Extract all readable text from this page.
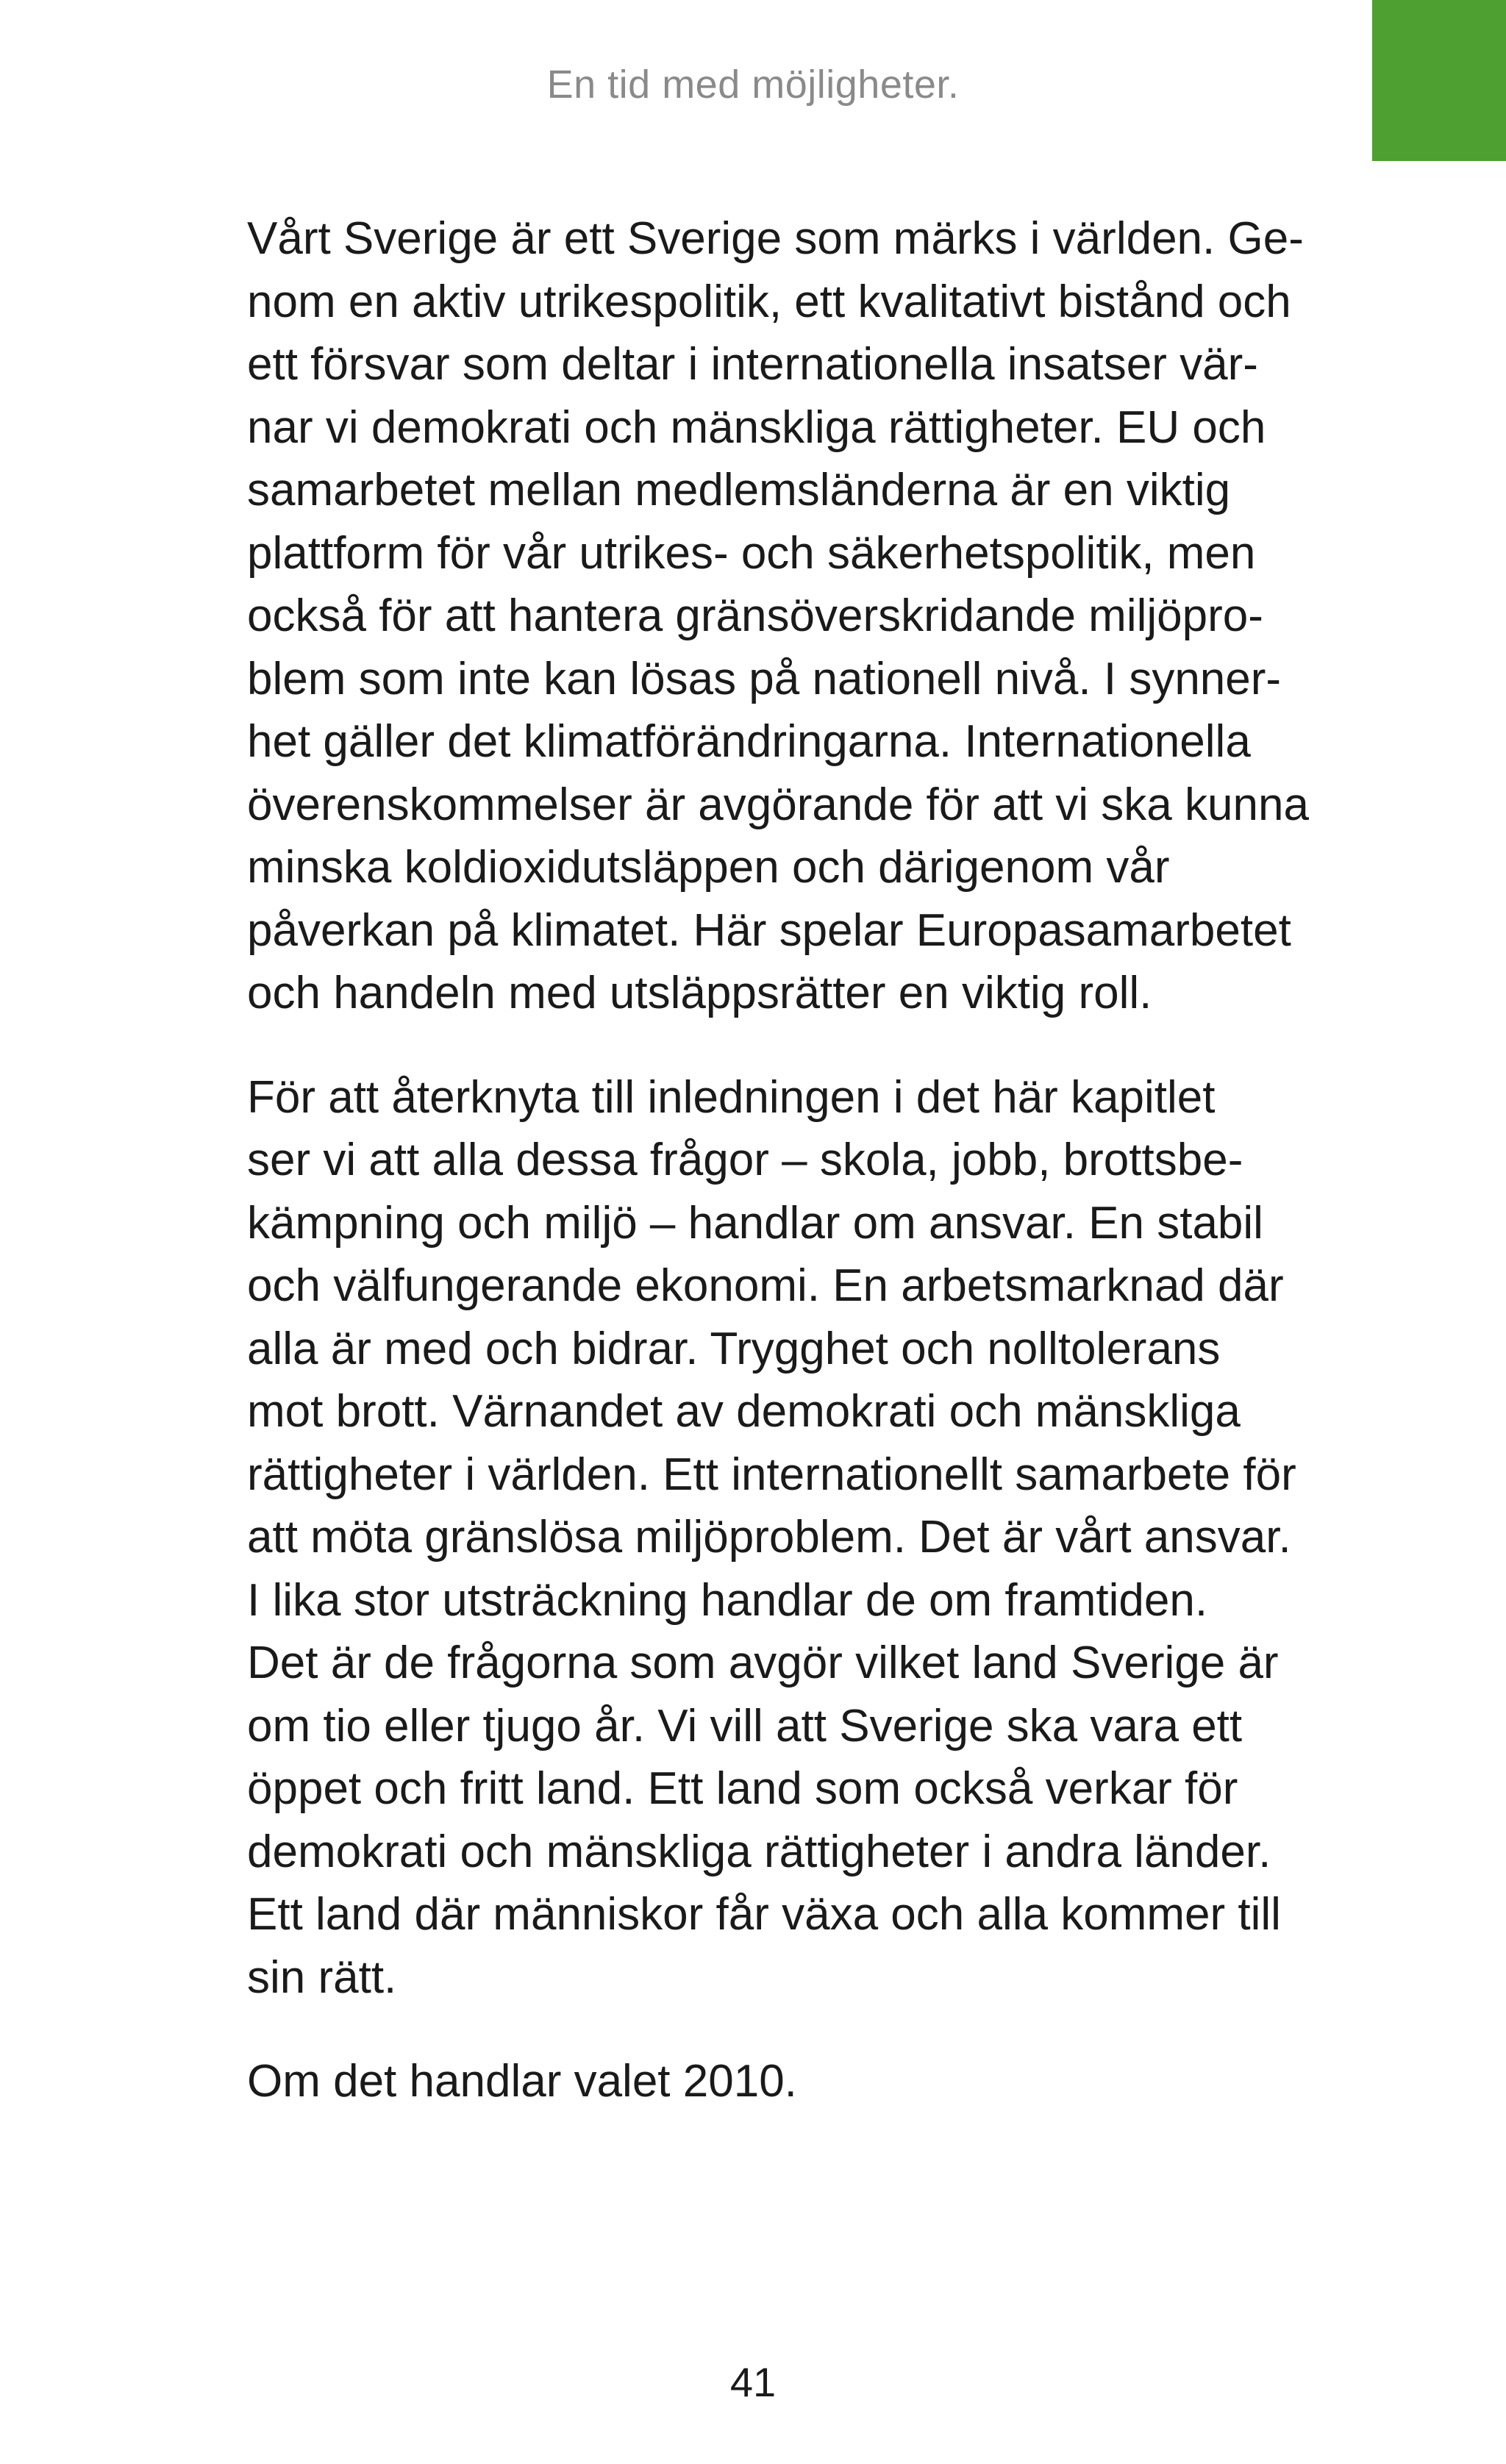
En tid med möjligheter.

Vårt Sverige är ett Sverige som märks i världen. Ge-
nom en aktiv utrikespolitik, ett kvalitativt bistånd och
ett försvar som deltar i internationella insatser vär-
nar vi demokrati och mänskliga rättigheter. EU och
samarbetet mellan medlemsländerna är en viktig
plattform för vår utrikes- och säkerhetspolitik, men
också för att hantera gränsöverskridande miljöpro-
blem som inte kan lösas på nationell nivå. I synner-
het gäller det klimatförändringarna. Internationella
överenskommelser är avgörande för att vi ska kunna
minska koldioxidutsläppen och därigenom vår
påverkan på klimatet. Här spelar Europasamarbetet
och handeln med utsläppsrätter en viktig roll.

För att återknyta till inledningen i det här kapitlet
ser vi att alla dessa frågor – skola, jobb, brottsbe-
kämpning och miljö – handlar om ansvar. En stabil
och välfungerande ekonomi. En arbetsmarknad där
alla är med och bidrar. Trygghet och nolltolerans
mot brott. Värnandet av demokrati och mänskliga
rättigheter i världen. Ett internationellt samarbete för
att möta gränslösa miljöproblem. Det är vårt ansvar.
I lika stor utsträckning handlar de om framtiden.
Det är de frågorna som avgör vilket land Sverige är
om tio eller tjugo år. Vi vill att Sverige ska vara ett
öppet och fritt land. Ett land som också verkar för
demokrati och mänskliga rättigheter i andra länder.
Ett land där människor får växa och alla kommer till
sin rätt.

Om det handlar valet 2010.

41
